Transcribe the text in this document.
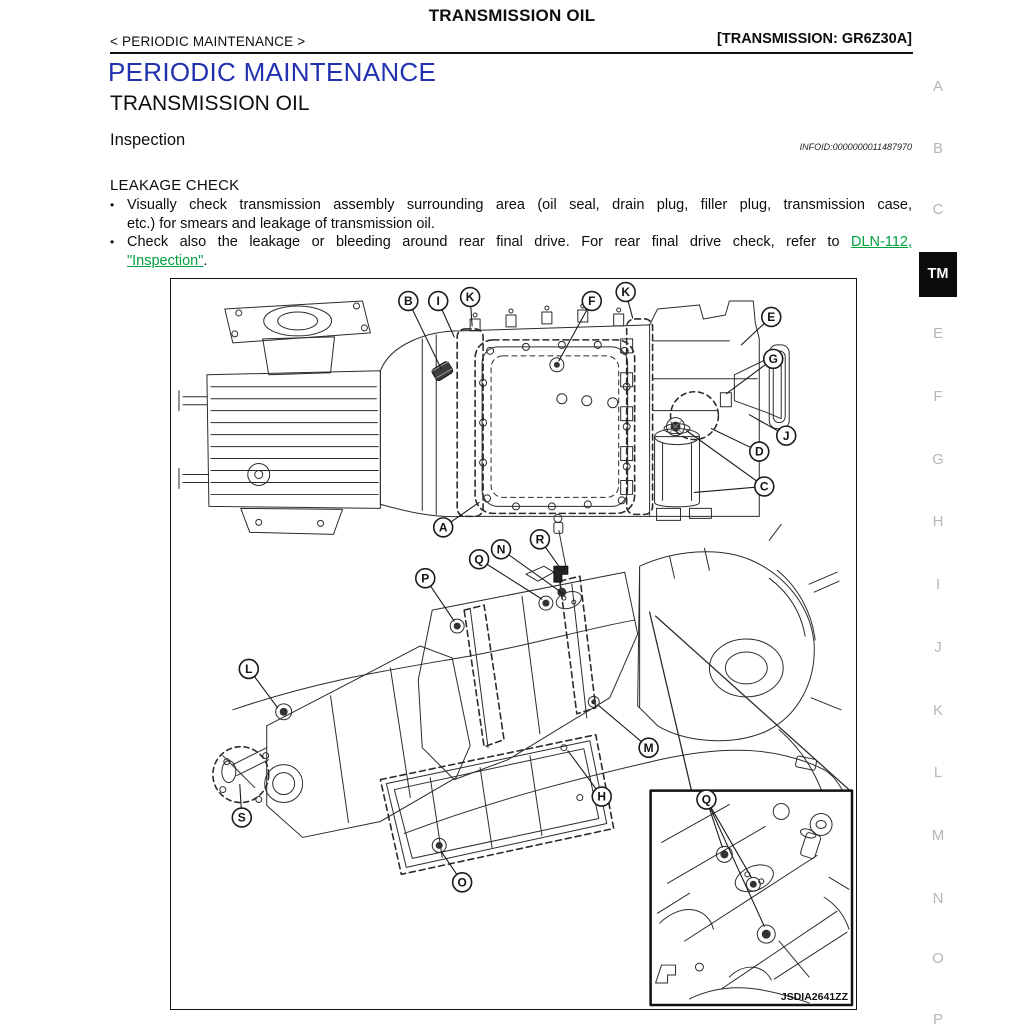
TRANSMISSION OIL
< PERIODIC MAINTENANCE >	[TRANSMISSION: GR6Z30A]
PERIODIC MAINTENANCE
TRANSMISSION OIL
Inspection	INFOID:0000000011487970
LEAKAGE CHECK
• Visually check transmission assembly surrounding area (oil seal, drain plug, filler plug, transmission case,
etc.) for smears and leakage of transmission oil.
• Check also the leakage or bleeding around rear final drive. For rear final drive check, refer to DLN-112,
"Inspection".
B I K	F
K
E
G
J
D
C
A
P
Q
N
R
L
M
H
S
O
Q
JSDIA2641ZZ
A
B
C
TM
E
F
G
H
I
J
K
L
M
N
O
P
